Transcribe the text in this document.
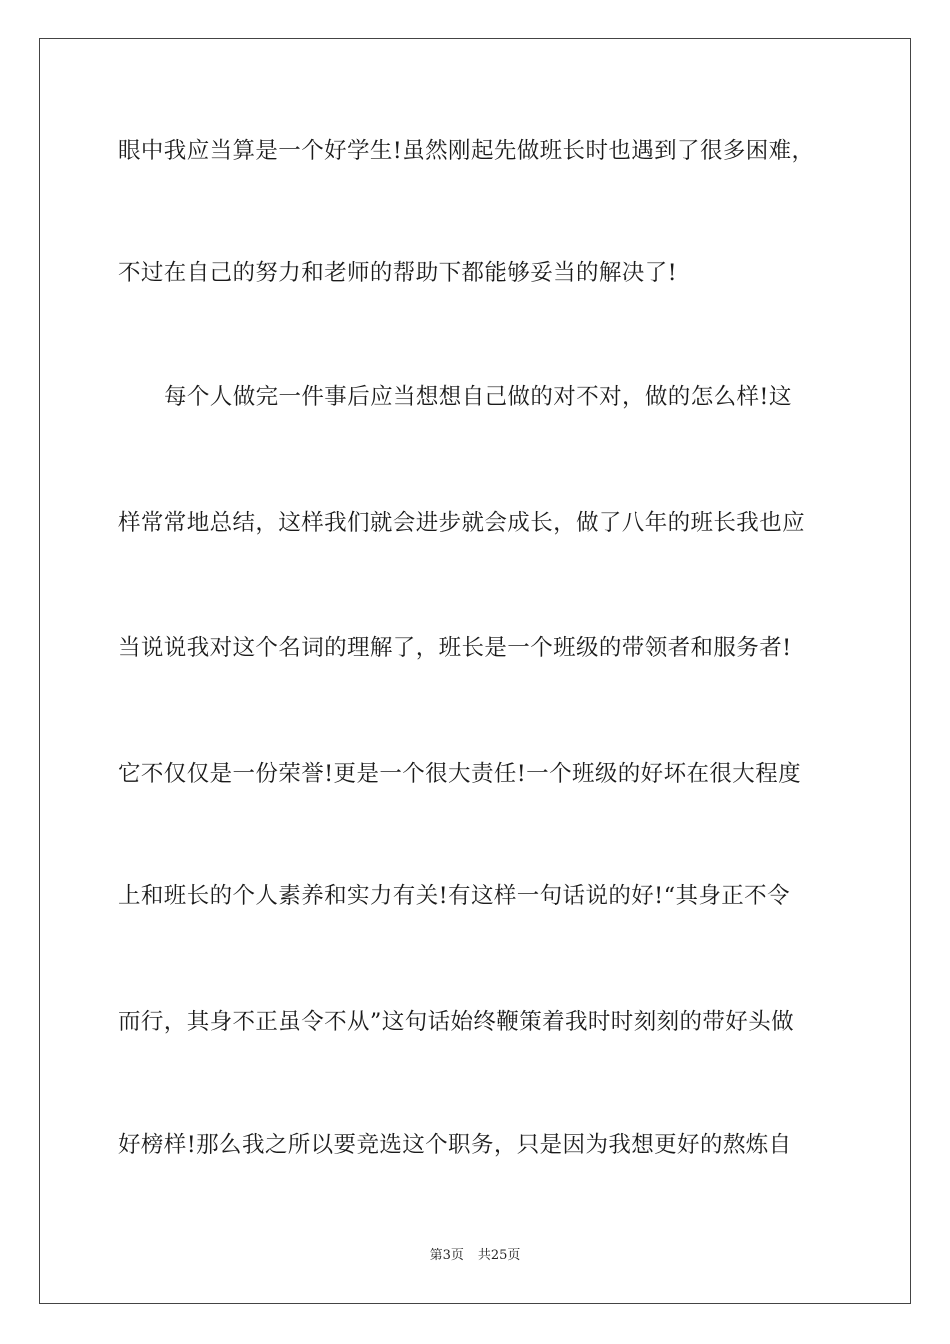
眼中我应当算是一个好学生!虽然刚起先做班长时也遇到了很多困难，
不过在自己的努力和老师的帮助下都能够妥当的解决了!
每个人做完一件事后应当想想自己做的对不对，做的怎么样!这
样常常地总结，这样我们就会进步就会成长，做了八年的班长我也应
当说说我对这个名词的理解了，班长是一个班级的带领者和服务者!
它不仅仅是一份荣誉!更是一个很大责任!一个班级的好坏在很大程度
上和班长的个人素养和实力有关!有这样一句话说的好!“其身正不令
而行，其身不正虽令不从”这句话始终鞭策着我时时刻刻的带好头做
好榜样!那么我之所以要竞选这个职务，只是因为我想更好的熬炼自
第3页 共25页
